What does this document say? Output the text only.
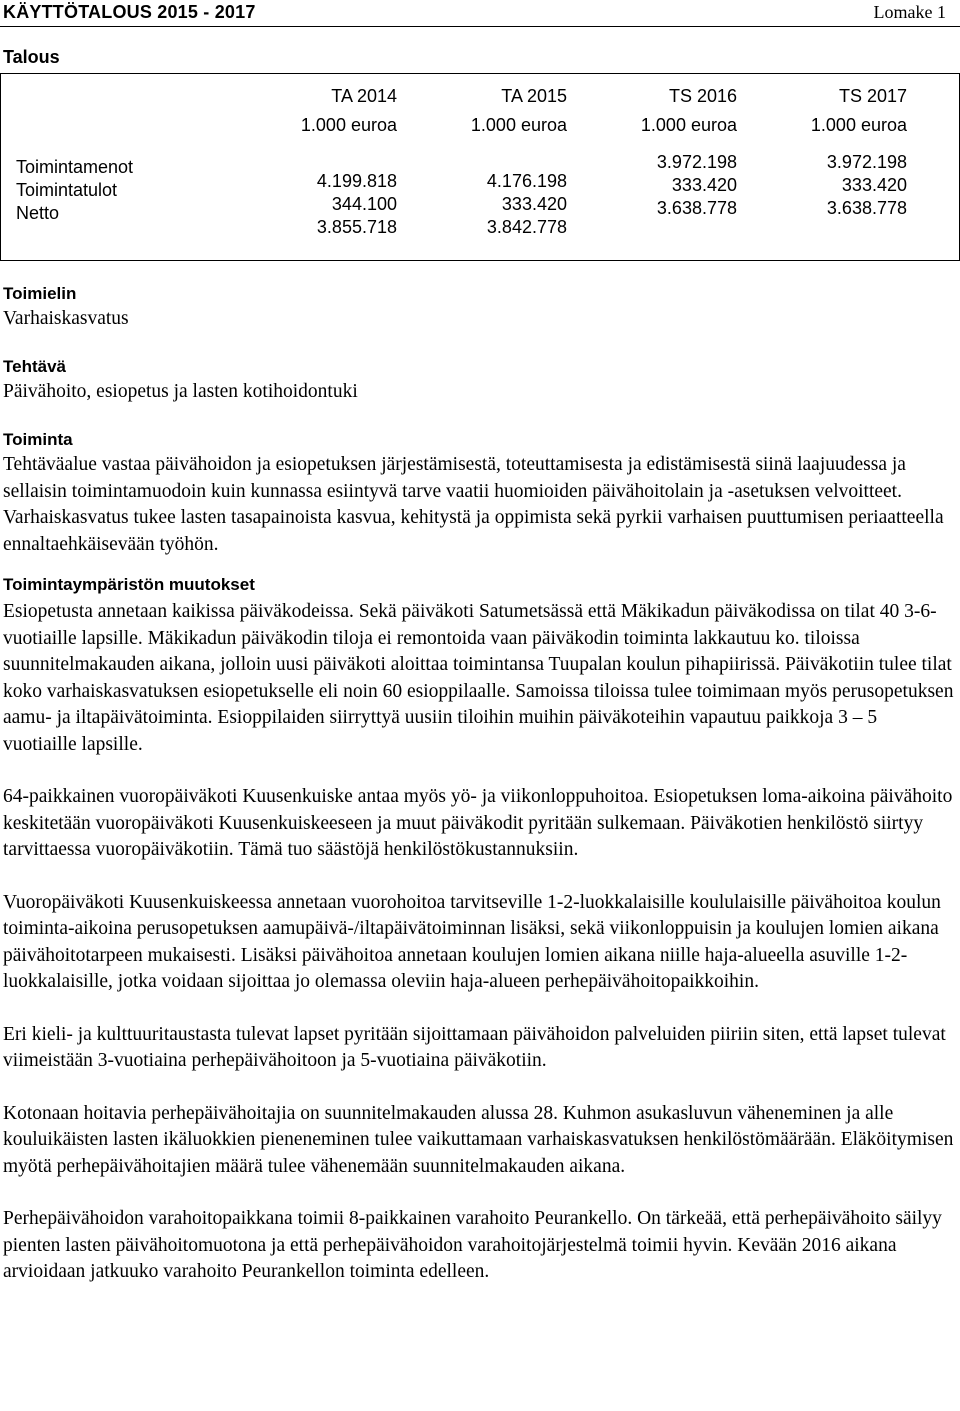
KÄYTTÖTALOUS 2015 - 2017	Lomake 1
Talous
Toimintamenot
Toimintatulot
Netto
TA 2014
1.000 euroa
4.199.818
344.100
3.855.718
TA 2015
1.000 euroa
4.176.198
333.420
3.842.778
TS 2016
1.000 euroa
3.972.198
333.420
3.638.778
TS 2017
1.000 euroa
3.972.198
333.420
3.638.778
Toimielin
Varhaiskasvatus
Tehtävä
Päivähoito, esiopetus ja lasten kotihoidontuki
Toiminta

Tehtäväalue vastaa päivähoidon ja esiopetuksen järjestämisestä, toteuttamisesta ja edistämisestä siinä laajuudessa ja sellaisin toimintamuodoin kuin kunnassa esiintyvä tarve vaatii huomioiden päivähoitolain ja -asetuksen velvoitteet. Varhaiskasvatus tukee lasten tasapainoista kasvua, kehitystä ja oppimista sekä pyrkii varhaisen puuttumisen periaatteella ennaltaehkäisevään työhön.

Toimintaympäristön muutokset

Esiopetusta annetaan kaikissa päiväkodeissa. Sekä päiväkoti Satumetsässä että Mäkikadun päiväkodissa on tilat 40 3-6-vuotiaille lapsille. Mäkikadun päiväkodin tiloja ei remontoida vaan päiväkodin toiminta lakkautuu ko. tiloissa suunnitelmakauden aikana, jolloin uusi päiväkoti aloittaa toimintansa Tuupalan koulun pihapiirissä. Päiväkotiin tulee tilat koko varhaiskasvatuksen esiopetukselle eli noin 60 esioppilaalle. Samoissa tiloissa tulee toimimaan myös perusopetuksen aamu- ja iltapäivätoiminta. Esioppilaiden siirryttyä uusiin tiloihin muihin päiväkoteihin vapautuu paikkoja 3 – 5 vuotiaille lapsille.

64-paikkainen vuoropäiväkoti Kuusenkuiske antaa myös yö- ja viikonloppuhoitoa. Esiopetuksen loma-aikoina päivähoito keskitetään vuoropäiväkoti Kuusenkuiskeeseen ja muut päiväkodit pyritään sulkemaan. Päiväkotien henkilöstö siirtyy tarvittaessa vuoropäiväkotiin. Tämä tuo säästöjä henkilöstökustannuksiin.

Vuoropäiväkoti Kuusenkuiskeessa annetaan vuorohoitoa tarvitseville 1-2-luokkalaisille koululaisille päivähoitoa koulun toiminta-aikoina perusopetuksen aamupäivä-/iltapäivätoiminnan lisäksi, sekä viikonloppuisin ja koulujen lomien aikana päivähoitotarpeen mukaisesti. Lisäksi päivähoitoa annetaan koulujen lomien aikana niille haja-alueella asuville 1-2-luokkalaisille, jotka voidaan sijoittaa jo olemassa oleviin haja-alueen perhepäivähoitopaikkoihin.

Eri kieli- ja kulttuuritaustasta tulevat lapset pyritään sijoittamaan päivähoidon palveluiden piiriin siten, että lapset tulevat viimeistään 3-vuotiaina perhepäivähoitoon ja 5-vuotiaina päiväkotiin.

Kotonaan hoitavia perhepäivähoitajia on suunnitelmakauden alussa 28. Kuhmon asukasluvun väheneminen ja alle kouluikäisten lasten ikäluokkien pieneneminen tulee vaikuttamaan varhaiskasvatuksen henkilöstömäärään. Eläköitymisen myötä perhepäivähoitajien määrä tulee vähenemään suunnitelmakauden aikana.

Perhepäivähoidon varahoitopaikkana toimii 8-paikkainen varahoito Peurankello. On tärkeää, että perhepäivähoito säilyy pienten lasten päivähoitomuotona ja että perhepäivähoidon varahoitojärjestelmä toimii hyvin. Kevään 2016 aikana arvioidaan jatkuuko varahoito Peurankellon toiminta edelleen.
